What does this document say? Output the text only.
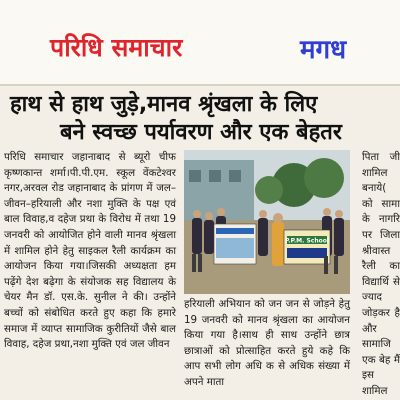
परिधि समाचार	मगध
हाथ से हाथ जुड़े,मानव श्रृंखला के लिए
बने स्वच्छ पर्यावरण और एक बेहतर
परिधि समाचार जहानाबाद से ब्यूरो चीफ कृष्णकान्त शर्मा।पी.पी.एम. स्कूल वेंकटेश्वर नगर,अरवल रोड जहानाबाद के प्रांगण में जल–जीवन–हरियाली और नशा मुक्ति के पक्ष एवं बाल विवाह,व दहेज प्रथा के विरोध में तथा 19 जनवरी को आयोजित होने वाली मानव श्रृंखला में शामिल होने हेतु साइकल रैली कार्यक्रम का आयोजन किया गया।जिसकी अध्यक्षता हम पढ़ेंगे देश बढ़ेगा के संयोजक सह विद्यालय के चेयर मैन डॉ. एस.के. सुनील ने की। उन्होंने बच्चों को संबोधित करते हुए कहा कि हमारे समाज में व्याप्त सामाजिक कुरीतियों जैसे बाल विवाह, दहेज प्रथा,नशा मुक्ति एवं जल जीवन
P.P.M. School
हरियाली अभियान को जन जन से जोड़ने हेतु 19 जनवरी को मानव श्रृंखला का आयोजन किया गया है।साथ ही साथ उन्होंने छात्र छात्राओं को प्रोत्साहित करते हुये कहे कि आप सभी लोग अधि क से अधिक संख्या में अपने माता
पिता जी शामिल बनाये( को सामा के नागरि पर जिला श्रीवास्त रैली का विद्यार्थि से ज्याद जोड़कर है और सामाजि एक बेह मैं इस शामिल
